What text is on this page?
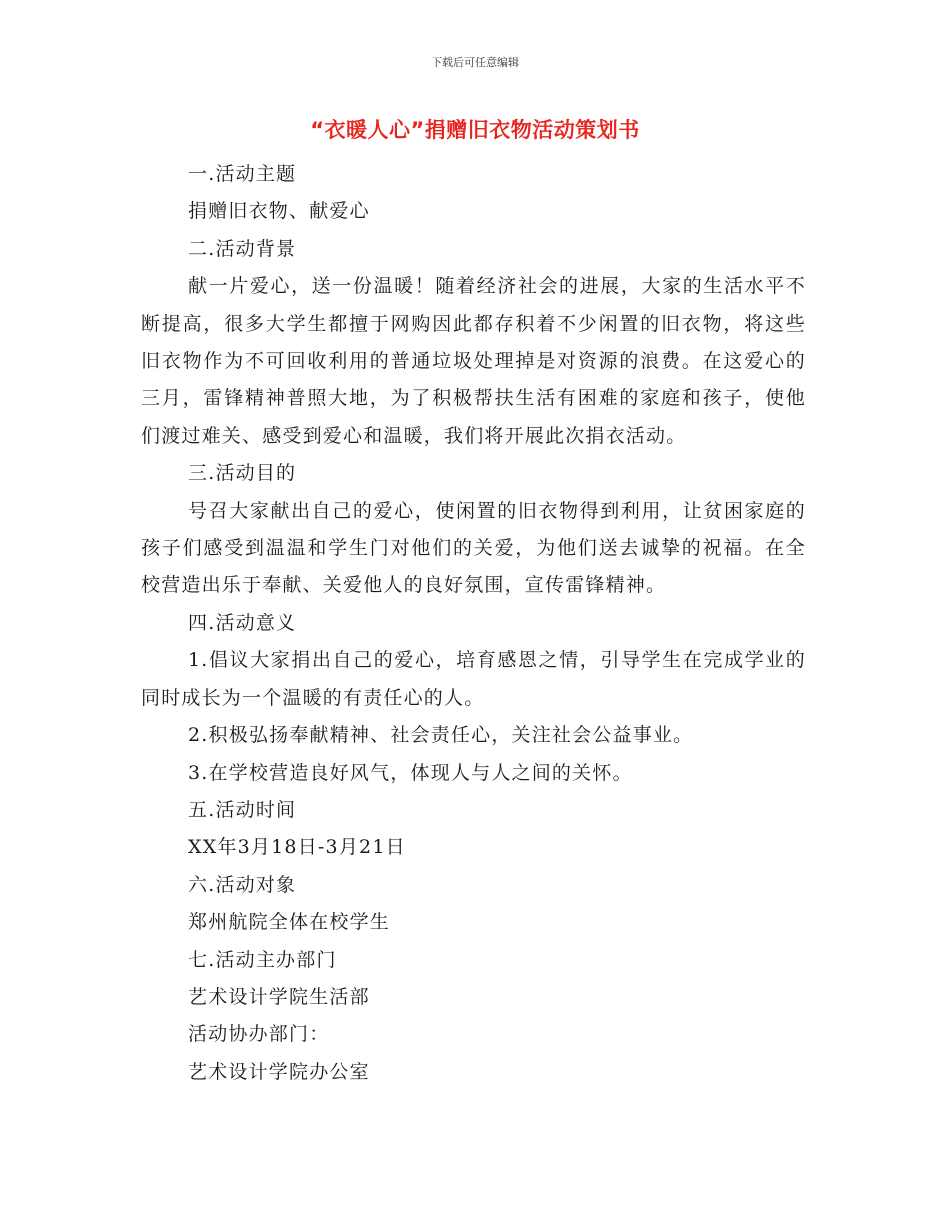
下载后可任意编辑
“衣暖人心”捐赠旧衣物活动策划书

一.活动主题

捐赠旧衣物、献爱心

二.活动背景

献一片爱心，送一份温暖！随着经济社会的进展，大家的生活水平不断提高，很多大学生都擅于网购因此都存积着不少闲置的旧衣物，将这些旧衣物作为不可回收利用的普通垃圾处理掉是对资源的浪费。在这爱心的三月，雷锋精神普照大地，为了积极帮扶生活有困难的家庭和孩子，使他们渡过难关、感受到爱心和温暖，我们将开展此次捐衣活动。

三.活动目的

号召大家献出自己的爱心，使闲置的旧衣物得到利用，让贫困家庭的孩子们感受到温温和学生门对他们的关爱，为他们送去诚挚的祝福。在全校营造出乐于奉献、关爱他人的良好氛围，宣传雷锋精神。

四.活动意义

1.倡议大家捐出自己的爱心，培育感恩之情，引导学生在完成学业的同时成长为一个温暖的有责任心的人。

2.积极弘扬奉献精神、社会责任心，关注社会公益事业。

3.在学校营造良好风气，体现人与人之间的关怀。

五.活动时间

XX年3月18日-3月21日

六.活动对象

郑州航院全体在校学生

七.活动主办部门

艺术设计学院生活部

活动协办部门：

艺术设计学院办公室
